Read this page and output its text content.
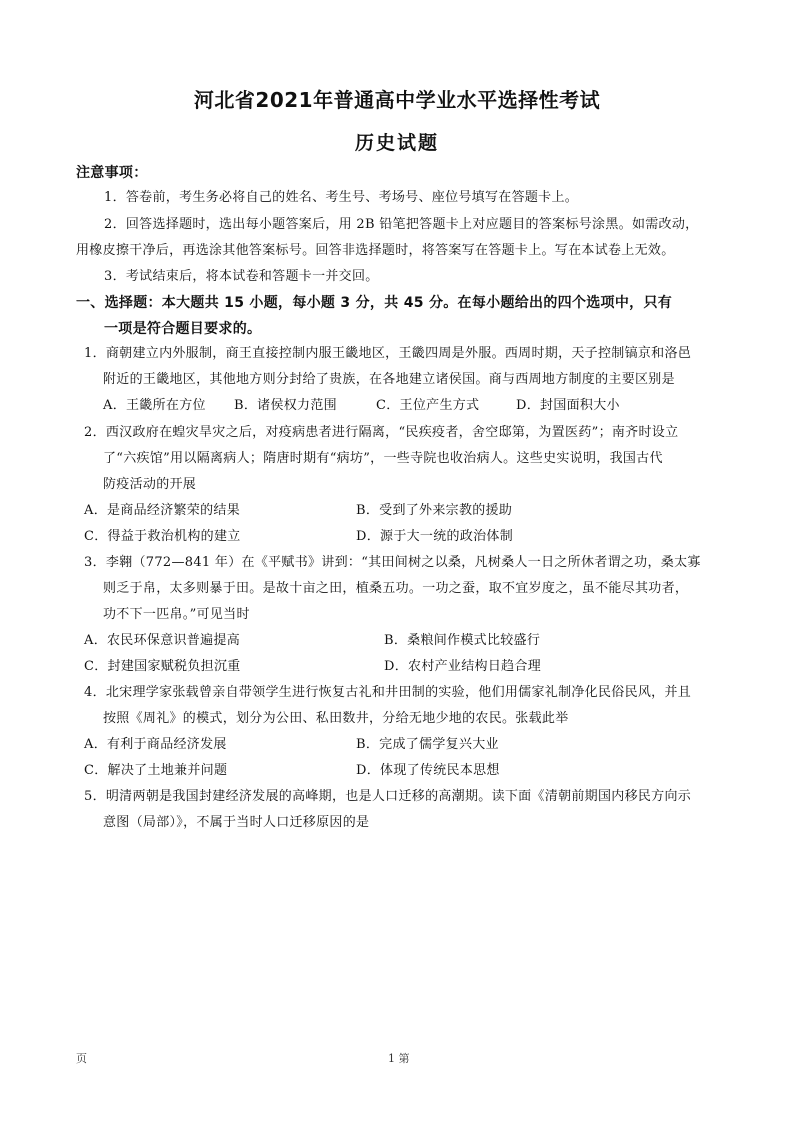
河北省2021年普通高中学业水平选择性考试
历史试题
注意事项：
1．答卷前，考生务必将自己的姓名、考生号、考场号、座位号填写在答题卡上。
2．回答选择题时，选出每小题答案后，用 2B 铅笔把答题卡上对应题目的答案标号涂黑。如需改动，
用橡皮擦干净后，再选涂其他答案标号。回答非选择题时，将答案写在答题卡上。写在本试卷上无效。
3．考试结束后，将本试卷和答题卡一并交回。
一、选择题：本大题共 15 小题，每小题 3 分，共 45 分。在每小题给出的四个选项中，只有
一项是符合题目要求的。
1．商朝建立内外服制，商王直接控制内服王畿地区，王畿四周是外服。西周时期，天子控制镐京和洛邑
附近的王畿地区，其他地方则分封给了贵族，在各地建立诸侯国。商与西周地方制度的主要区别是
A．王畿所在方位 B．诸侯权力范围	C．王位产生方式	D．封国面积大小
2．西汉政府在蝗灾旱灾之后，对疫病患者进行隔离，“民疾疫者，舍空邸第，为置医药”；南齐时设立
了“六疾馆”用以隔离病人；隋唐时期有“病坊”，一些寺院也收治病人。这些史实说明，我国古代
防疫活动的开展
A．是商品经济繁荣的结果	B．受到了外来宗教的援助
C．得益于救治机构的建立	D．源于大一统的政治体制
3．李翱（772—841 年）在《平赋书》讲到：“其田间树之以桑，凡树桑人一日之所休者谓之功，桑太寡
则乏于帛，太多则暴于田。是故十亩之田，植桑五功。一功之蚕，取不宜岁度之，虽不能尽其功者，
功不下一匹帛。”可见当时
A．农民环保意识普遍提高	B．桑粮间作模式比较盛行
C．封建国家赋税负担沉重	D．农村产业结构日趋合理
4．北宋理学家张载曾亲自带领学生进行恢复古礼和井田制的实验，他们用儒家礼制净化民俗民风，并且
按照《周礼》的模式，划分为公田、私田数井，分给无地少地的农民。张载此举
A．有利于商品经济发展	B．完成了儒学复兴大业
C．解决了土地兼并问题	D．体现了传统民本思想
5．明清两朝是我国封建经济发展的高峰期，也是人口迁移的高潮期。读下面《清朝前期国内移民方向示
意图（局部）》，不属于当时人口迁移原因的是
页	1 第
